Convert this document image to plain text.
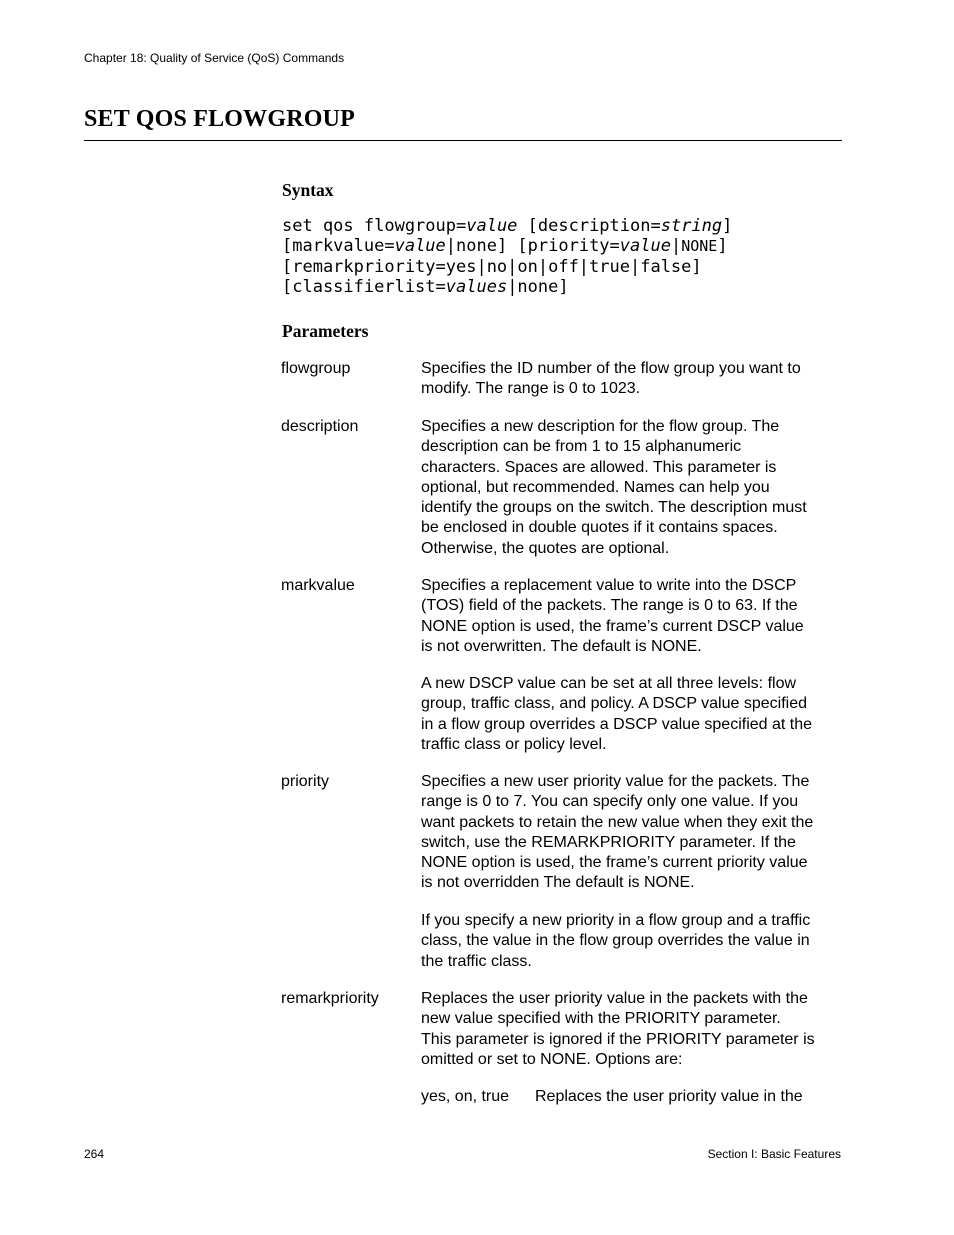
Chapter 18: Quality of Service (QoS) Commands
SET QOS FLOWGROUP
Syntax
set qos flowgroup=value [description=string]
[markvalue=value|none] [priority=value|NONE]
[remarkpriority=yes|no|on|off|true|false]
[classifierlist=values|none]
Parameters
flowgroup	Specifies the ID number of the flow group you want to

modify. The range is 0 to 1023.

description	Specifies a new description for the flow group. The

description can be from 1 to 15 alphanumeric

characters. Spaces are allowed. This parameter is

optional, but recommended. Names can help you

identify the groups on the switch. The description must

be enclosed in double quotes if it contains spaces.

Otherwise, the quotes are optional.

markvalue	Specifies a replacement value to write into the DSCP

(TOS) field of the packets. The range is 0 to 63. If the

NONE option is used, the frame’s current DSCP value

is not overwritten. The default is NONE.

A new DSCP value can be set at all three levels: flow

group, traffic class, and policy. A DSCP value specified

in a flow group overrides a DSCP value specified at the

traffic class or policy level.

priority	Specifies a new user priority value for the packets. The

range is 0 to 7. You can specify only one value. If you

want packets to retain the new value when they exit the

switch, use the REMARKPRIORITY parameter. If the

NONE option is used, the frame’s current priority value

is not overridden The default is NONE.

If you specify a new priority in a flow group and a traffic

class, the value in the flow group overrides the value in

the traffic class.

remarkpriority	Replaces the user priority value in the packets with the

new value specified with the PRIORITY parameter.

This parameter is ignored if the PRIORITY parameter is

omitted or set to NONE. Options are:

yes, on, true Replaces the user priority value in the
264	Section I: Basic Features
